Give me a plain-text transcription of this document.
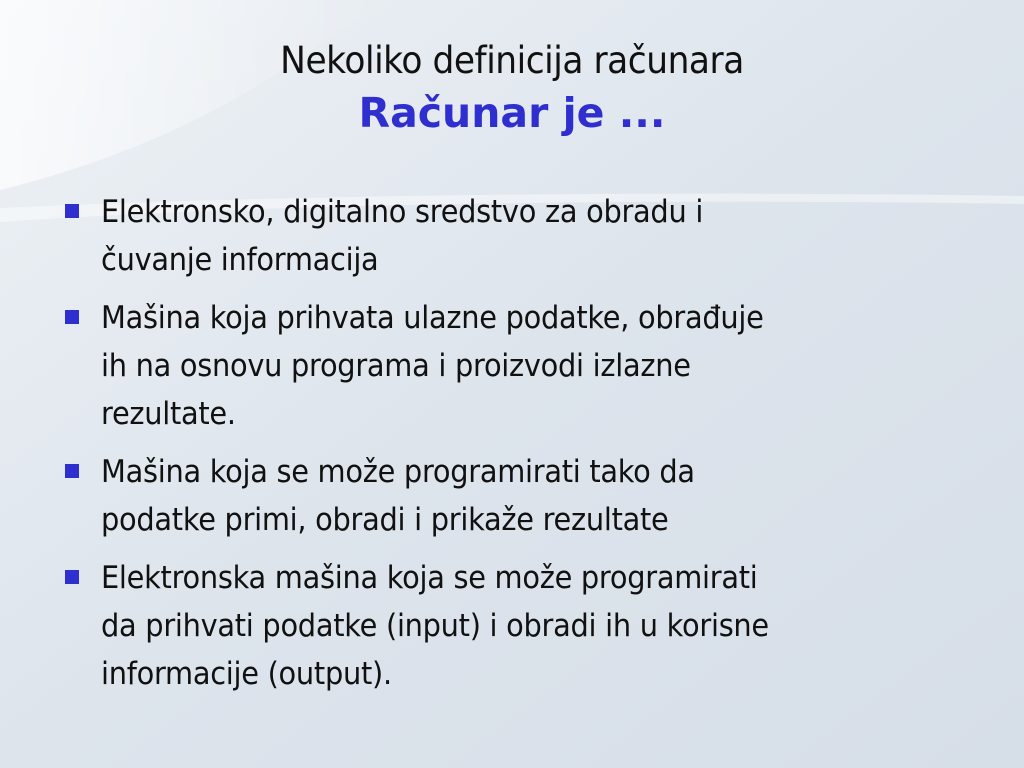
Nekoliko definicija računara
Računar je ...
Elektronsko, digitalno sredstvo za obradu i
čuvanje informacija
Mašina koja prihvata ulazne podatke, obrađuje
ih na osnovu programa i proizvodi izlazne
rezultate.
Mašina koja se može programirati tako da
podatke primi, obradi i prikaže rezultate
Elektronska mašina koja se može programirati
da prihvati podatke (input) i obradi ih u korisne
informacije (output).
